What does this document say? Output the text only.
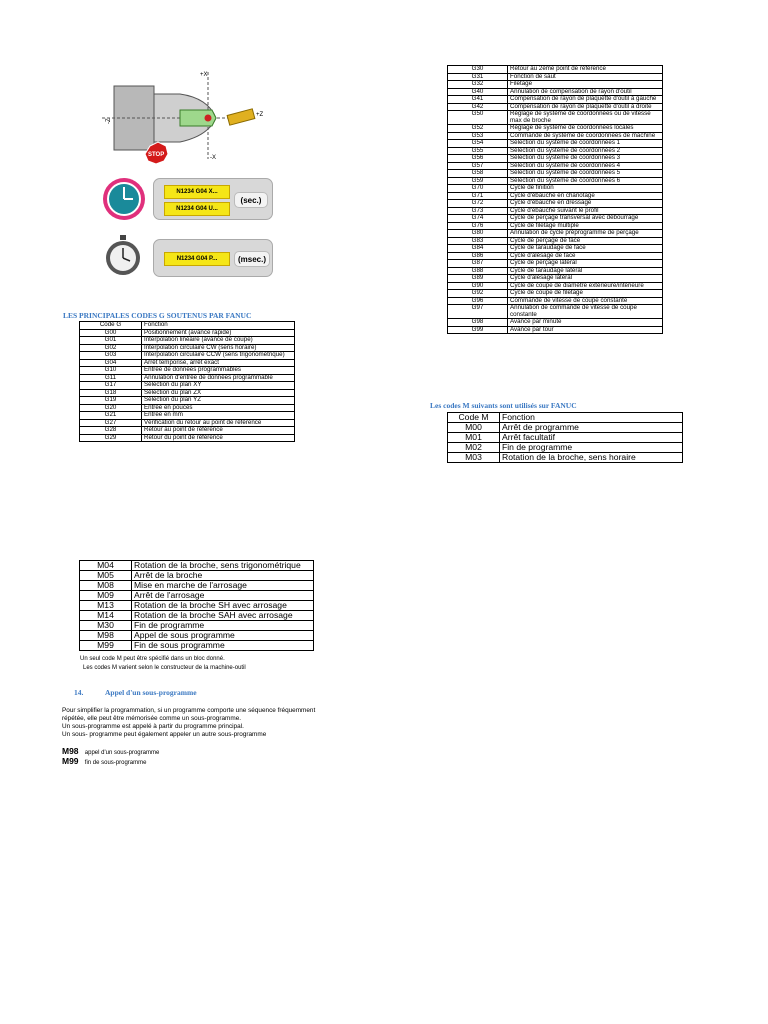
+X
-X
+Z
-Z
STOP
N1234 G04 X...
N1234 G04 U...
(sec.)
N1234 G04 P...	(msec.)
LES PRINCIPALES CODES G SOUTENUS PAR FANUC
Code G	Fonction
G00	Positionnement (avance rapide)
G01	Interpolation linéaire (avance de coupe)
G02	Interpolation circulaire CW (sens horaire)
G03	Interpolation circulaire CCW (sens trigonométrique)
G04	Arrêt temporisé, arrêt exact
G10	Entrée de données programmables
G11	Annulation d'entrée de données programmable
G17	Sélection du plan XY
G18	Sélection du plan ZX
G19	Sélection du plan YZ
G20	Entrée en pouces
G21	Entrée en mm
G27	Vérification du retour au point de référence
G28	Retour au point de référence
G29	Retour du point de référence
G30	Retour au 2ème point de référence
G31	Fonction de saut
G32	Filetage
G40	Annulation de compensation de rayon d'outil
G41	Compensation de rayon de plaquette d'outil à gauche
G42	Compensation de rayon de plaquette d'outil à droite
G50	Réglage de système de coordonnées ou de vitesse max de broche
G52	Réglage de système de coordonnées locales
G53	Commande de système de coordonnées de machine
G54	Sélection du système de coordonnées 1
G55	Sélection du système de coordonnées 2
G56	Sélection du système de coordonnées 3
G57	Sélection du système de coordonnées 4
G58	Sélection du système de coordonnées 5
G59	Sélection du système de coordonnées 6
G70	Cycle de finition
G71	Cycle d'ébauche en chariotage
G72	Cycle d'ébauche en dressage
G73	Cycle d'ébauche suivant le profil
G74	Cycle de perçage transversal avec débourrage
G76	Cycle de filetage multiple
G80	Annulation de cycle préprogramme de perçage
G83	Cycle de perçage de face
G84	Cycle de taraudage de face
G86	Cycle d'alésage de face
G87	Cycle de perçage latéral
G88	Cycle de taraudage latéral
G89	Cycle d'alésage latéral
G90	Cycle de coupe de diamètre extérieure/intérieure
G92	Cycle de coupe de filetage
G96	Commande de vitesse de coupe constante
G97	Annulation de commande de vitesse de coupe constante
G98	Avance par minute
G99	Avance par tour
Les codes M suivants sont utilisés sur FANUC
Code M	Fonction
M00	Arrêt de programme
M01	Arrêt facultatif
M02	Fin de programme
M03	Rotation de la broche, sens horaire
M04	Rotation de la broche, sens trigonométrique
M05	Arrêt de la broche
M08	Mise en marche de l'arrosage
M09	Arrêt de l'arrosage
M13	Rotation de la broche SH avec arrosage
M14	Rotation de la broche SAH avec arrosage
M30	Fin de programme
M98	Appel de sous programme
M99	Fin de sous programme
Un seul code M peut être spécifié dans un bloc donné.
Les codes M varient selon le constructeur de la machine-outil
14.	Appel d'un sous-programme
Pour simplifier la programmation, si un programme comporte une séquence fréquemment
répétée, elle peut être mémorisée comme un sous-programme.
Un sous-programme est appelé à partir du programme principal.
Un sous- programme peut également appeler un autre sous-programme
M98 appel d'un sous-programme
M99 fin de sous-programme
